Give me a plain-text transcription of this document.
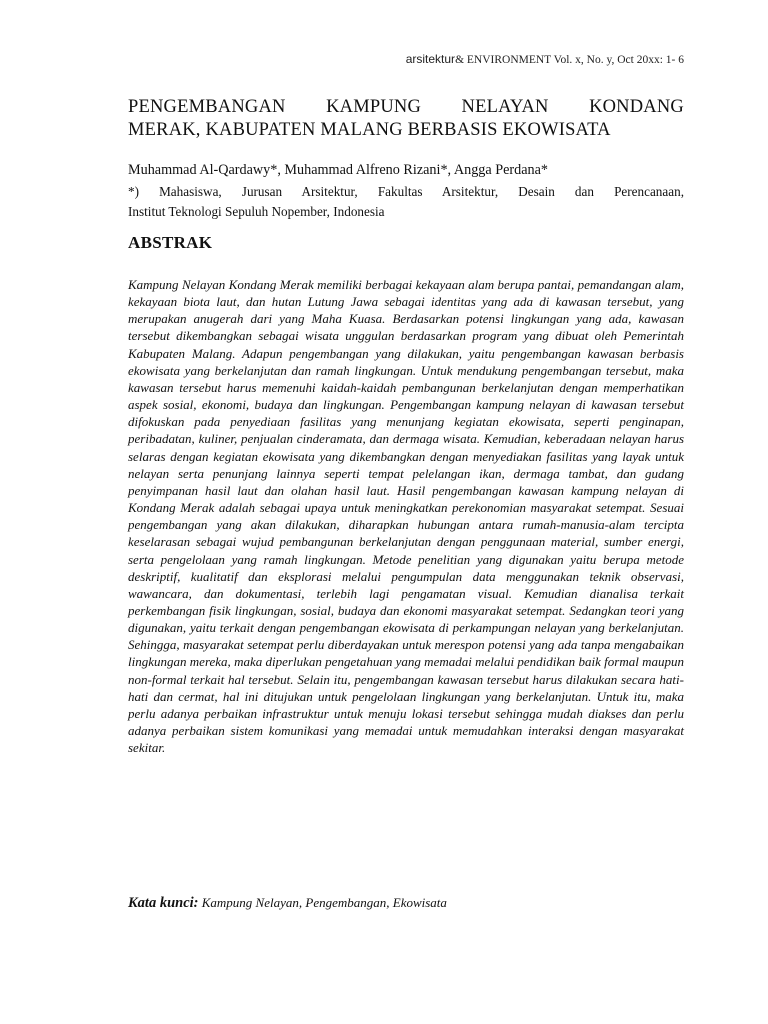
arsitektur& ENVIRONMENT Vol. x, No. y, Oct 20xx: 1- 6
PENGEMBANGAN KAMPUNG NELAYAN KONDANG
MERAK, KABUPATEN MALANG BERBASIS EKOWISATA
Muhammad Al-Qardawy*, Muhammad Alfreno Rizani*, Angga Perdana*
*) Mahasiswa, Jurusan Arsitektur, Fakultas Arsitektur, Desain dan Perencanaan,
Institut Teknologi Sepuluh Nopember, Indonesia
ABSTRAK

Kampung Nelayan Kondang Merak memiliki berbagai kekayaan alam berupa pantai, pemandangan alam, kekayaan biota laut, dan hutan Lutung Jawa sebagai identitas yang ada di kawasan tersebut, yang merupakan anugerah dari yang Maha Kuasa. Berdasarkan potensi lingkungan yang ada, kawasan tersebut dikembangkan sebagai wisata unggulan berdasarkan program yang dibuat oleh Pemerintah Kabupaten Malang. Adapun pengembangan yang dilakukan, yaitu pengembangan kawasan berbasis ekowisata yang berkelanjutan dan ramah lingkungan. Untuk mendukung pengembangan tersebut, maka kawasan tersebut harus memenuhi kaidah-kaidah pembangunan berkelanjutan dengan memperhatikan aspek sosial, ekonomi, budaya dan lingkungan. Pengembangan kampung nelayan di kawasan tersebut difokuskan pada penyediaan fasilitas yang menunjang kegiatan ekowisata, seperti penginapan, peribadatan, kuliner, penjualan cinderamata, dan dermaga wisata. Kemudian, keberadaan nelayan harus selaras dengan kegiatan ekowisata yang dikembangkan dengan menyediakan fasilitas yang layak untuk nelayan serta penunjang lainnya seperti tempat pelelangan ikan, dermaga tambat, dan gudang penyimpanan hasil laut dan olahan hasil laut. Hasil pengembangan kawasan kampung nelayan di Kondang Merak adalah sebagai upaya untuk meningkatkan perekonomian masyarakat setempat. Sesuai pengembangan yang akan dilakukan, diharapkan hubungan antara rumah-manusia-alam tercipta keselarasan sebagai wujud pembangunan berkelanjutan dengan penggunaan material, sumber energi, serta pengelolaan yang ramah lingkungan. Metode penelitian yang digunakan yaitu berupa metode deskriptif, kualitatif dan eksplorasi melalui pengumpulan data menggunakan teknik observasi, wawancara, dan dokumentasi, terlebih lagi pengamatan visual. Kemudian dianalisa terkait perkembangan fisik lingkungan, sosial, budaya dan ekonomi masyarakat setempat. Sedangkan teori yang digunakan, yaitu terkait dengan pengembangan ekowisata di perkampungan nelayan yang berkelanjutan. Sehingga, masyarakat setempat perlu diberdayakan untuk merespon potensi yang ada tanpa mengabaikan lingkungan mereka, maka diperlukan pengetahuan yang memadai melalui pendidikan baik formal maupun non-formal terkait hal tersebut. Selain itu, pengembangan kawasan tersebut harus dilakukan secara hati-hati dan cermat, hal ini ditujukan untuk pengelolaan lingkungan yang berkelanjutan. Untuk itu, maka perlu adanya perbaikan infrastruktur untuk menuju lokasi tersebut sehingga mudah diakses dan perlu adanya perbaikan sistem komunikasi yang memadai untuk memudahkan interaksi dengan masyarakat sekitar.

Kata kunci: Kampung Nelayan, Pengembangan, Ekowisata
